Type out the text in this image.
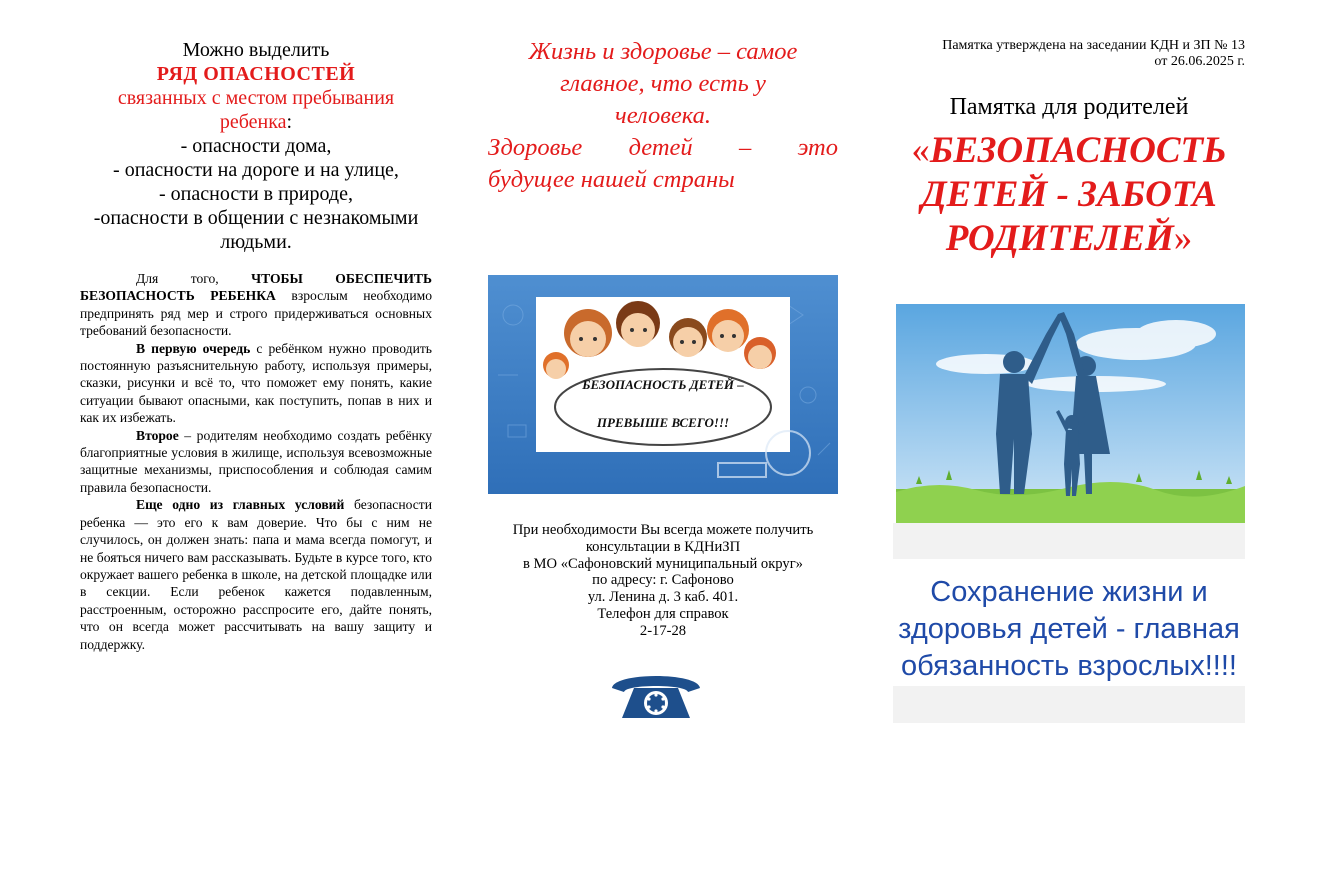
Можно выделить
РЯД ОПАСНОСТЕЙ
связанных с местом пребывания ребенка:
- опасности дома,
- опасности на дороге и на улице,
- опасности в природе,
-опасности в общении с незнакомыми людьми.

Для того, ЧТОБЫ ОБЕСПЕЧИТЬ БЕЗОПАСНОСТЬ РЕБЕНКА взрослым необходимо предпринять ряд мер и строго придерживаться основных требований безопасности.

В первую очередь с ребёнком нужно проводить постоянную разъяснительную работу, используя примеры, сказки, рисунки и всё то, что поможет ему понять, какие ситуации бывают опасными, как поступить, попав в них и как их избежать.

Второе – родителям необходимо создать ребёнку благоприятные условия в жилище, используя всевозможные защитные механизмы, приспособления и соблюдая самим правила безопасности.

Еще одно из главных условий безопасности ребенка — это его к вам доверие. Что бы с ним не случилось, он должен знать: папа и мама всегда помогут, и не бояться ничего вам рассказывать. Будьте в курсе того, кто окружает вашего ребенка в школе, на детской площадке или в секции. Если ребенок кажется подавленным, расстроенным, осторожно расспросите его, дайте понять, что он всегда может рассчитывать на вашу защиту и поддержку.

Жизнь и здоровье – самое
главное, что есть у
человека.
Здоровье детей – это
будущее нашей страны
БЕЗОПАСНОСТЬ ДЕТЕЙ –
ПРЕВЫШЕ ВСЕГО!!!
При необходимости Вы всегда можете получить
консультации в КДНиЗП
в МО «Сафоновский муниципальный округ»
по адресу: г. Сафоново
ул. Ленина д. 3 каб. 401.
Телефон для справок
2-17-28
Памятка утверждена на заседании КДН и ЗП № 13
от 26.06.2025 г.
Памятка для родителей
«БЕЗОПАСНОСТЬ ДЕТЕЙ - ЗАБОТА РОДИТЕЛЕЙ»
Сохранение жизни и здоровья детей - главная обязанность взрослых!!!!
